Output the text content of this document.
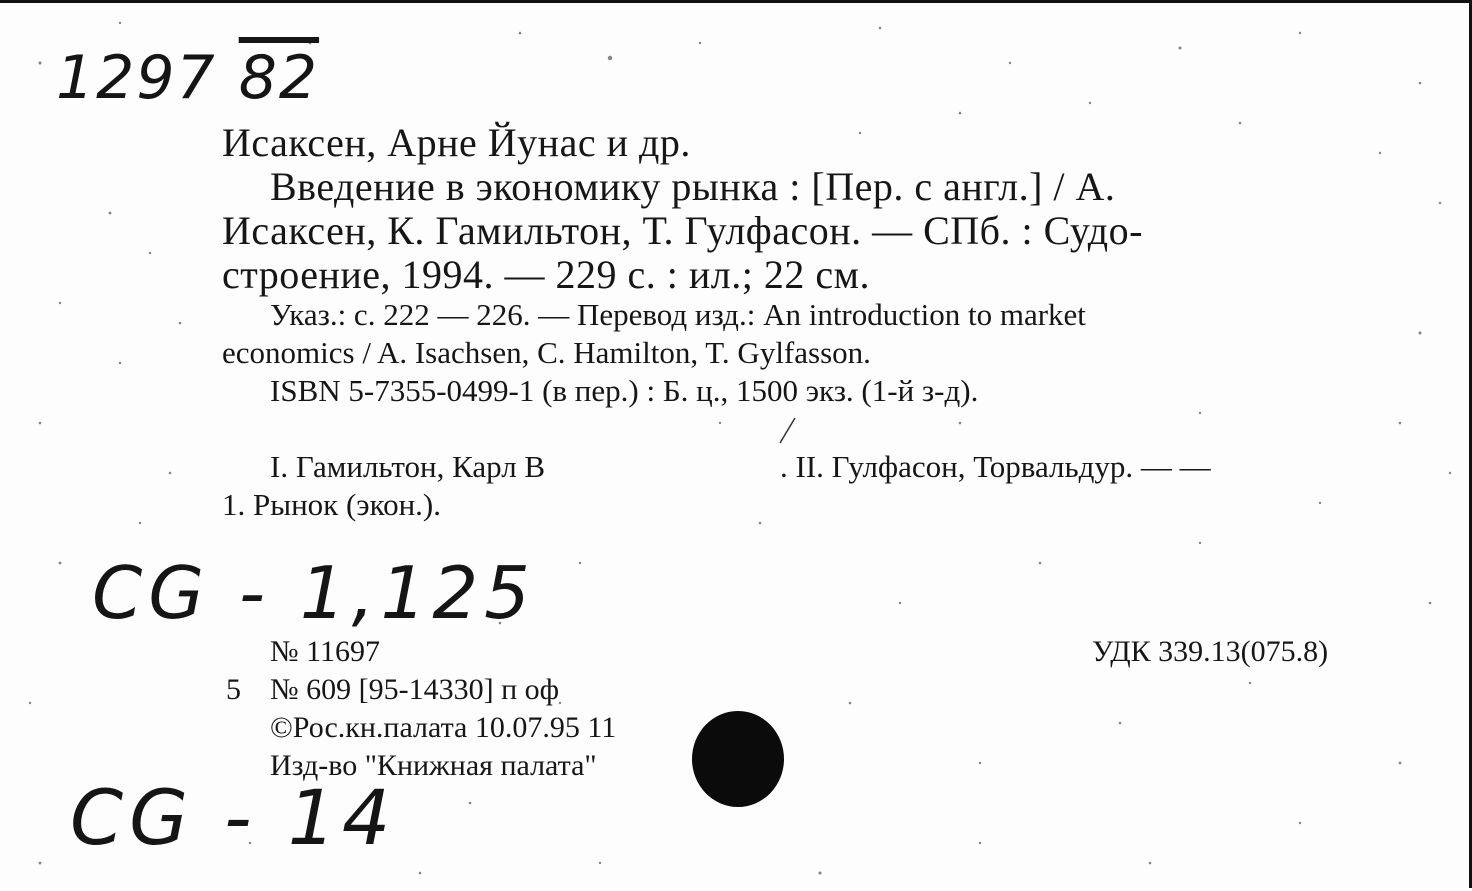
1297 82
CG - 1,125
CG - 14
Исаксен, Арне Йунас и др.
Введение в экономику рынка : [Пер. с англ.] / А.
Исаксен, К. Гамильтон, Т. Гулфасон. — СПб. : Судо-
строение, 1994. — 229 с. : ил.; 22 см.
Указ.: с. 222 — 226. — Перевод изд.: An introduction to market
economics / A. Isachsen, C. Hamilton, T. Gylfasson.
ISBN 5-7355-0499-1 (в пер.) : Б. ц., 1500 экз. (1-й з-д).
I. Гамильтон, Карл В	. II. Гулфасон, Торвальдур. — —
1. Рынок (экон.).
№ 11697	УДК 339.13(075.8)
5 № 609 [95-14330] п оф
©Рос.кн.палата 10.07.95 11
Изд-во "Книжная палата"
